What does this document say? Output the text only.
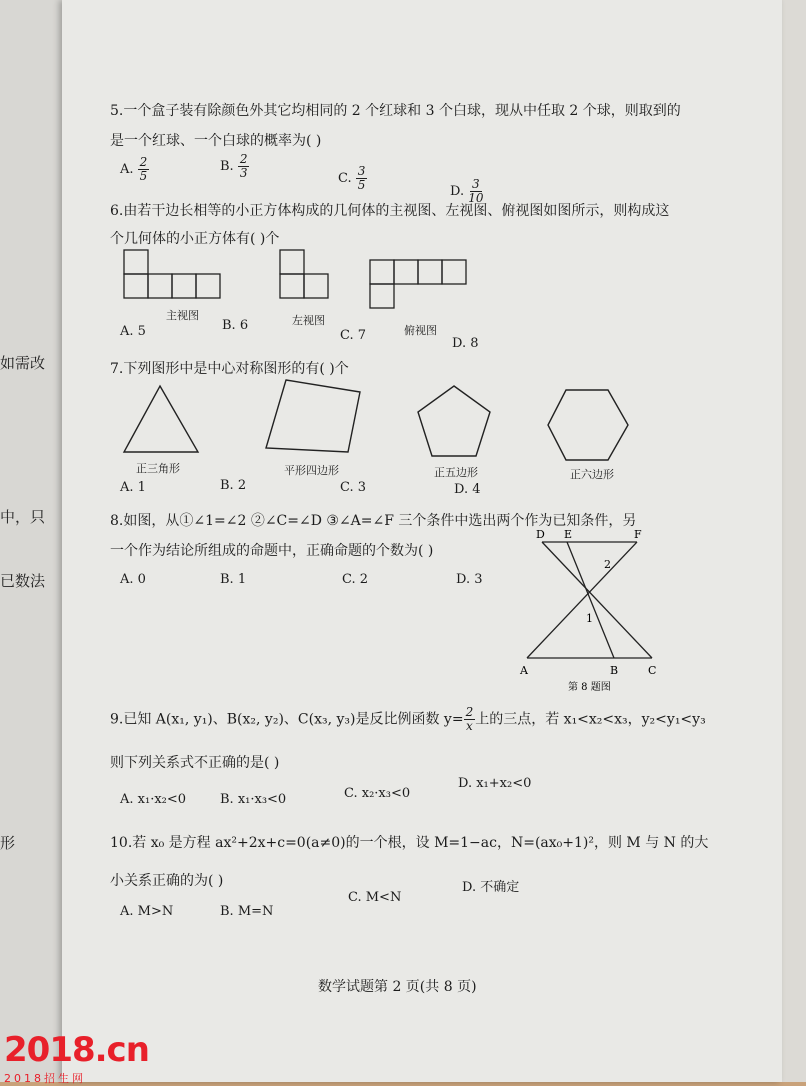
如需改
中，只
已数法
形
5.一个盒子装有除颜色外其它均相同的 2 个红球和 3 个白球，现从中任取 2 个球，则取到的
是一个红球、一个白球的概率为( )
A. $\frac{2}{5}$	B. $\frac{2}{3}$	C. $\frac{3}{5}$	D. $\frac{3}{10}$
6.由若干边长相等的小正方体构成的几何体的主视图、左视图、俯视图如图所示，则构成这
个几何体的小正方体有( )个
主视图	左视图
俯视图
A. 5	B. 6
C. 7
D. 8
7.下列图形中是中心对称图形的有( )个
正三角形	平形四边形	正五边形	正六边形
A. 1	B. 2	C. 3	D. 4
8.如图，从①∠1=∠2 ②∠C=∠D ③∠A=∠F 三个条件中选出两个作为已知条件，另
一个作为结论所组成的命题中，正确命题的个数为( )
A. 0	B. 1	C. 2	D. 3
D E	F
A	B	C
1
2
第 8 题图
9.已知 A(x₁, y₁)、B(x₂, y₂)、C(x₃, y₃)是反比例函数 $y= \frac{2}{x}$ 上的三点，若 x₁<x₂<x₃，y₂<y₁<y₃
则下列关系式不正确的是( )
A. x₁·x₂<0	B. x₁·x₃<0	C. x₂·x₃<0
D. x₁+x₂<0
10.若 x₀ 是方程 ax²+2x+c=0(a≠0)的一个根，设 M=1−ac，N=(ax₀+1)²，则 M 与 N 的大
小关系正确的为( )
A. M>N	B. M=N
C. M<N
D. 不确定
数学试题第 2 页(共 8 页)
2018.cn
2018招生网
